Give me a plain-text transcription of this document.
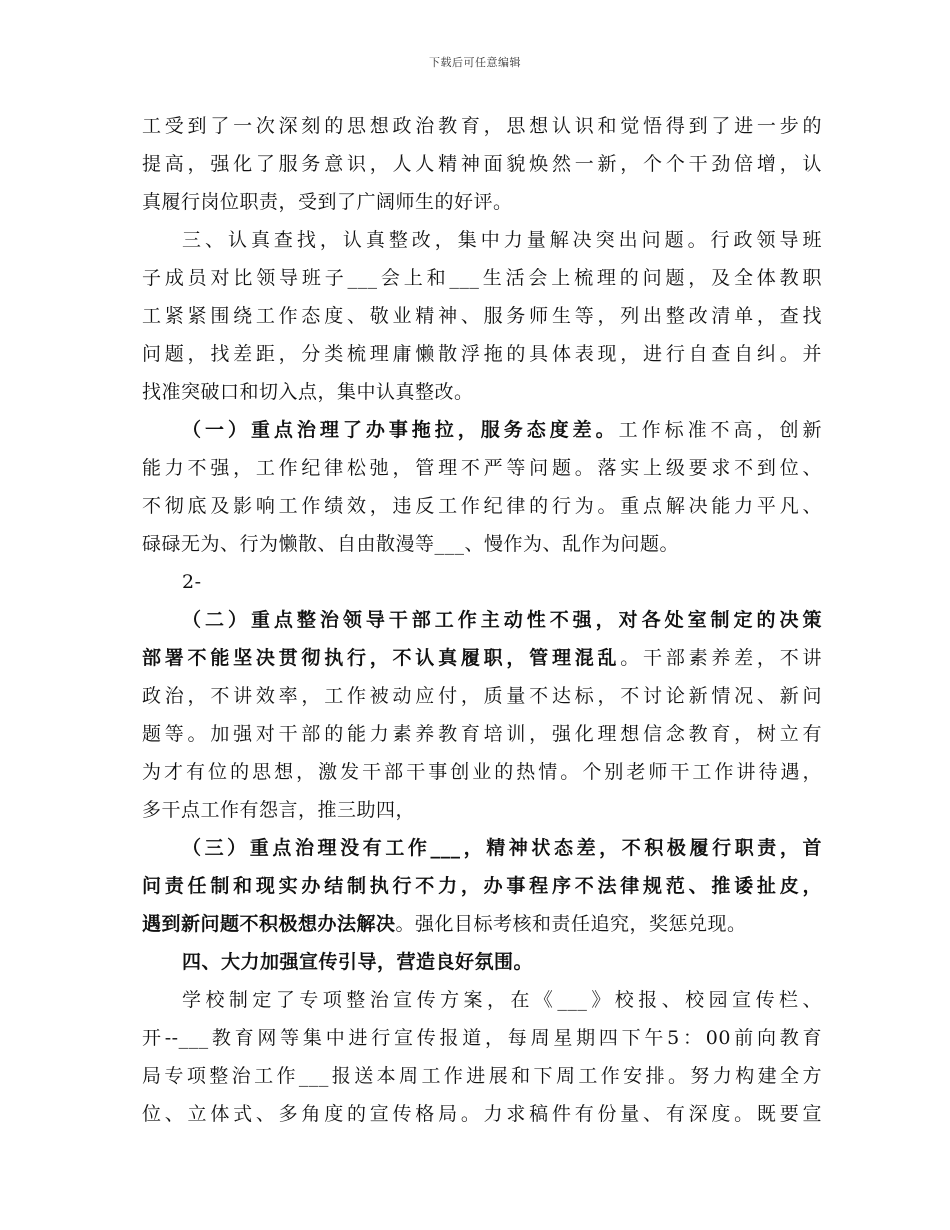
下载后可任意编辑
工受到了一次深刻的思想政治教育，思想认识和觉悟得到了进一步的
提高，强化了服务意识，人人精神面貌焕然一新，个个干劲倍增，认
真履行岗位职责，受到了广阔师生的好评。
三、认真查找，认真整改，集中力量解决突出问题。行政领导班
子成员对比领导班子___会上和___生活会上梳理的问题，及全体教职
工紧紧围绕工作态度、敬业精神、服务师生等，列出整改清单，查找
问题，找差距，分类梳理庸懒散浮拖的具体表现，进行自查自纠。并
找准突破口和切入点，集中认真整改。
（一）重点治理了办事拖拉，服务态度差。工作标准不高，创新
能力不强，工作纪律松弛，管理不严等问题。落实上级要求不到位、
不彻底及影响工作绩效，违反工作纪律的行为。重点解决能力平凡、
碌碌无为、行为懒散、自由散漫等___、慢作为、乱作为问题。
2-
（二）重点整治领导干部工作主动性不强，对各处室制定的决策
部署不能坚决贯彻执行，不认真履职，管理混乱。干部素养差，不讲
政治，不讲效率，工作被动应付，质量不达标，不讨论新情况、新问
题等。加强对干部的能力素养教育培训，强化理想信念教育，树立有
为才有位的思想，激发干部干事创业的热情。个别老师干工作讲待遇，
多干点工作有怨言，推三助四，
（三）重点治理没有工作___，精神状态差，不积极履行职责，首
问责任制和现实办结制执行不力，办事程序不法律规范、推诿扯皮，
遇到新问题不积极想办法解决。强化目标考核和责任追究，奖惩兑现。
四、大力加强宣传引导，营造良好氛围。
学校制定了专项整治宣传方案，在《___》校报、校园宣传栏、
开--___教育网等集中进行宣传报道，每周星期四下午5：00前向教育
局专项整治工作___报送本周工作进展和下周工作安排。努力构建全方
位、立体式、多角度的宣传格局。力求稿件有份量、有深度。既要宣
